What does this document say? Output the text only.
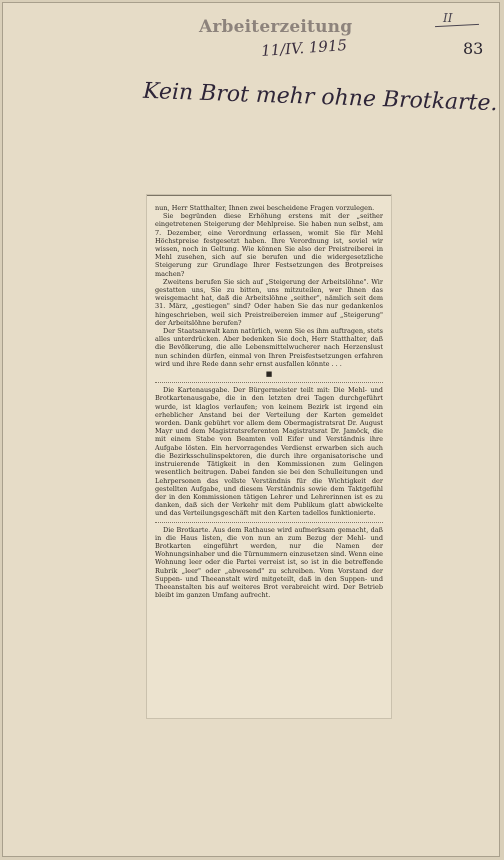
Arbeiterzeitung
11/IV. 1915
II
83
Kein Brot mehr ohne Brotkarte.

nun, Herr Statthalter, Ihnen zwei bescheidene Fragen vorzulegen.

Sie begründen diese Erhöhung erstens mit der „seither eingetretenen Steigerung der Mehlpreise. Sie haben nun selbst, am 7. Dezember, eine Verordnung erlassen, womit Sie für Mehl Höchstpreise festgesetzt haben. Ihre Verordnung ist, soviel wir wissen, noch in Geltung. Wie können Sie also der Preistreiberei in Mehl zusehen, sich auf sie berufen und die widergesetzliche Steigerung zur Grundlage Ihrer Festsetzungen des Brotpreises machen?

Zweitens berufen Sie sich auf „Steigerung der Arbeitslöhne". Wir gestatten uns, Sie zu bitten, uns mitzuteilen, wer Ihnen das weisgemacht hat, daß die Arbeitslöhne „seither", nämlich seit dem 31. März, „gestiegen" sind? Oder haben Sie das nur gedankenlos hingeschrieben, weil sich Preistreibereien immer auf „Steigerung" der Arbeitslöhne berufen?

Der Staatsanwalt kann natürlich, wenn Sie es ihm auftragen, stets alles unterdrücken. Aber bedenken Sie doch, Herr Statthalter, daß die Bevölkerung, die alle Lebensmittelwucherer nach Herzenslust nun schinden dürfen, einmal von Ihren Preisfestsetzungen erfahren wird und ihre Rede dann sehr ernst ausfallen könnte . . .

■

Die Kartenausgabe. Der Bürgermeister teilt mit: Die Mehl- und Brotkartenausgabe, die in den letzten drei Tagen durchgeführt wurde, ist klaglos verlaufen; von keinem Bezirk ist irgend ein erheblicher Anstand bei der Verteilung der Karten gemeldet worden. Dank gebührt vor allem dem Obermagistratsrat Dr. August Mayr und dem Magistratsreferenten Magistratsrat Dr. Jamöck, die mit einem Stabe von Beamten voll Eifer und Verständnis ihre Aufgabe lösten. Ein hervorragendes Verdienst erwarben sich auch die Bezirksschulinspektoren, die durch ihre organisatorische und instruierende Tätigkeit in den Kommissionen zum Gelingen wesentlich beitrugen. Dabei fanden sie bei den Schulleitungen und Lehrpersonen das vollste Verständnis für die Wichtigkeit der gestellten Aufgabe, und diesem Verständnis sowie dem Taktgefühl der in den Kommissionen tätigen Lehrer und Lehrerinnen ist es zu danken, daß sich der Verkehr mit dem Publikum glatt abwickelte und das Verteilungsgeschäft mit den Karten tadellos funktionierte.

Die Brotkarte. Aus dem Rathause wird aufmerksam gemacht, daß in die Haus listen, die von nun an zum Bezug der Mehl- und Brotkarten eingeführt werden, nur die Namen der Wohnungsinhaber und die Türnummern einzusetzen sind. Wenn eine Wohnung leer oder die Partei verreist ist, so ist in die betreffende Rubrik „leer" oder „abwesend" zu schreiben. Vom Vorstand der Suppen- und Theeanstalt wird mitgeteilt, daß in den Suppen- und Theeanstalten bis auf weiteres Brot verabreicht wird. Der Betrieb bleibt im ganzen Umfang aufrecht.
